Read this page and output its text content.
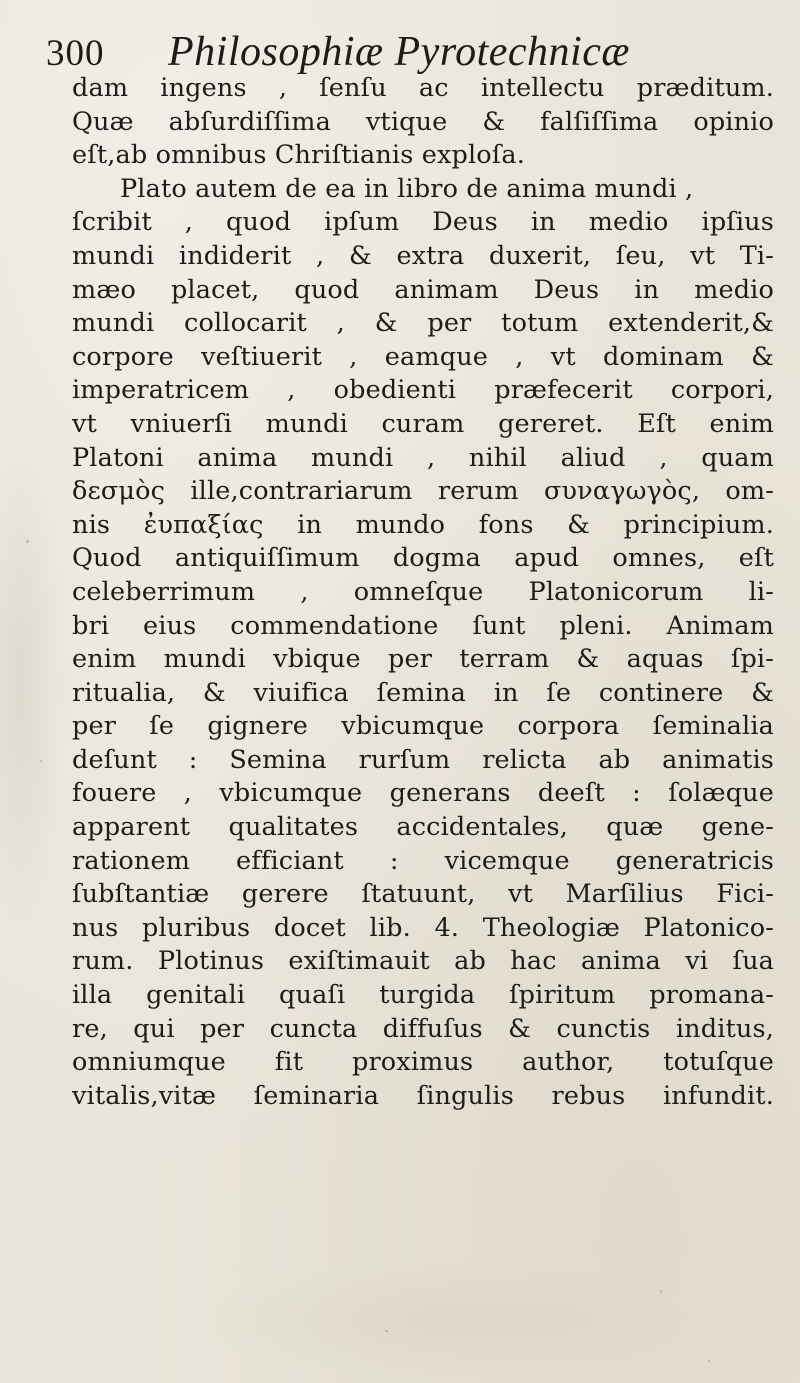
300 Philosophiæ Pyrotechnicæ
dam ingens , ſenſu ac intellectu præditum.
Quæ abſurdiſſima vtique & falſiſſima opinio
eſt,ab omnibus Chriſtianis exploſa.
Plato autem de ea in libro de anima mundi ,
ſcribit , quod ipſum Deus in medio ipſius
mundi indiderit , & extra duxerit, ſeu, vt Ti-
mæo placet, quod animam Deus in medio
mundi collocarit , & per totum extenderit,&
corpore veſtiuerit , eamque , vt dominam &
imperatricem , obedienti præfecerit corpori,
vt vniuerſi mundi curam gereret. Eſt enim
Platoni anima mundi , nihil aliud , quam
δεσμὸς ille,contrariarum rerum συναγωγὸς, om-
nis ἐυπαξίας in mundo fons & principium.
Quod antiquiſſimum dogma apud omnes, eſt
celeberrimum , omneſque Platonicorum li-
bri eius commendatione ſunt pleni. Animam
enim mundi vbique per terram & aquas ſpi-
ritualia, & viuifica ſemina in ſe continere &
per ſe gignere vbicumque corpora ſeminalia
deſunt : Semina rurſum relicta ab animatis
fouere , vbicumque generans deeſt : ſolæque
apparent qualitates accidentales, quæ gene-
rationem efficiant : vicemque generatricis
ſubſtantiæ gerere ſtatuunt, vt Marſilius Fici-
nus pluribus docet lib. 4. Theologiæ Platonico-
rum. Plotinus exiſtimauit ab hac anima vi ſua
illa genitali quaſi turgida ſpiritum promana-
re, qui per cuncta diffuſus & cunctis inditus,
omniumque fit proximus author, totuſque
vitalis,vitæ ſeminaria ſingulis rebus infundit.
